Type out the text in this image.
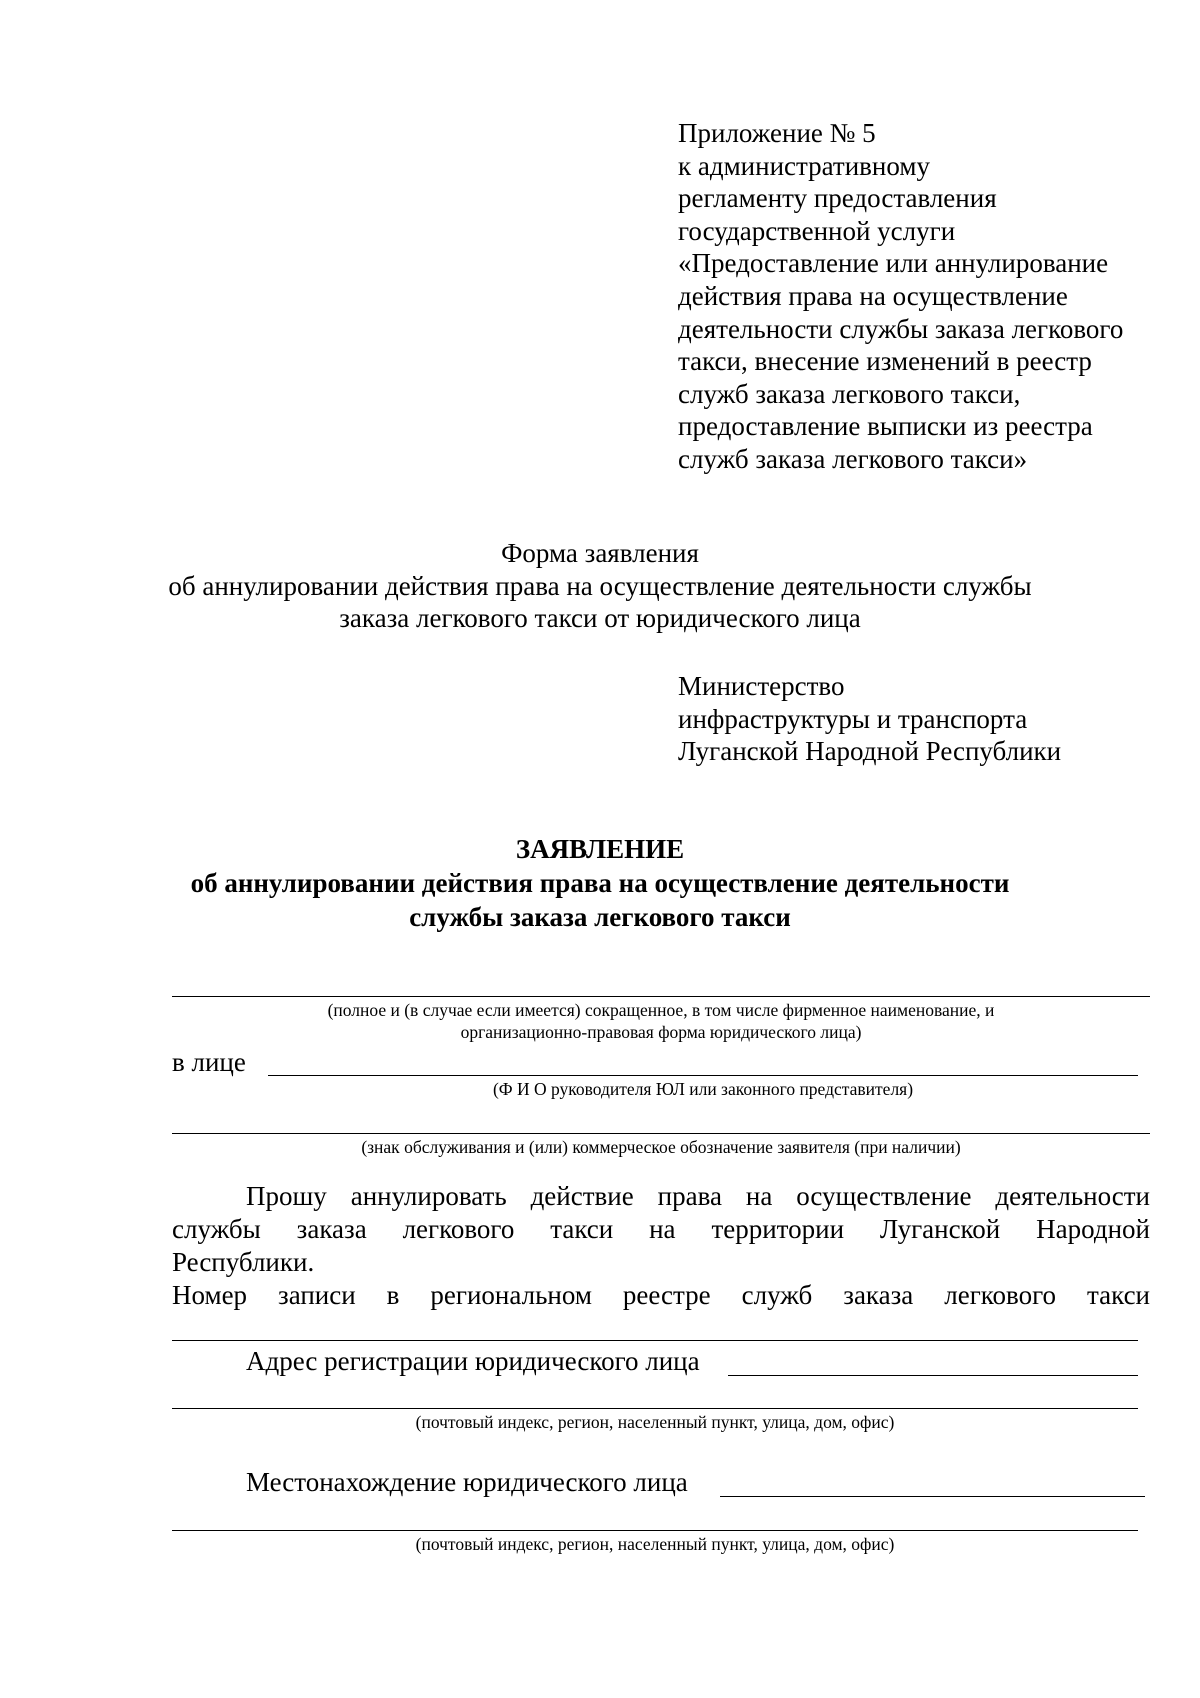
Приложение № 5
к административному
регламенту предоставления
государственной услуги
«Предоставление или аннулирование
действия права на осуществление
деятельности службы заказа легкового
такси, внесение изменений в реестр
служб заказа легкового такси,
предоставление выписки из реестра
служб заказа легкового такси»
Форма заявления
об аннулировании действия права на осуществление деятельности службы
заказа легкового такси от юридического лица
Министерство
инфраструктуры и транспорта
Луганской Народной Республики
ЗАЯВЛЕНИЕ
об аннулировании действия права на осуществление деятельности
службы заказа легкового такси
(полное и (в случае если имеется) сокращенное, в том числе фирменное наименование, и
организационно-правовая форма юридического лица)
в лице
(Ф И О руководителя ЮЛ или законного представителя)
(знак обслуживания и (или) коммерческое обозначение заявителя (при наличии)
Прошу аннулировать действие права на осуществление деятельности
службы заказа легкового такси на территории Луганской Народной
Республики.
Номер записи в региональном реестре служб заказа легкового такси
Адрес регистрации юридического лица
(почтовый индекс, регион, населенный пункт, улица, дом, офис)
Местонахождение юридического лица
(почтовый индекс, регион, населенный пункт, улица, дом, офис)
